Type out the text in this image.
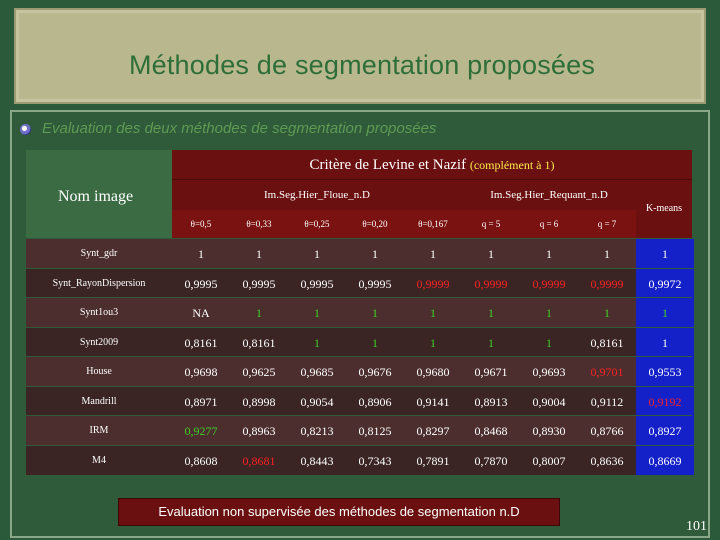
Méthodes de segmentation proposées
Evaluation des deux méthodes de segmentation proposées
Nom image
Critère de Levine et Nazif (complément à 1)
Im.Seg.Hier_Floue_n.D	Im.Seg.Hier_Requant_n.D
K-means
θ=0,5	θ=0,33	θ=0,25	θ=0,20	θ=0,167	q = 5	q = 6	q = 7
Synt_gdr	1	1	1	1	1	1	1	1	1
Synt_RayonDispersion	0,9995	0,9995	0,9995	0,9995	0,9999	0,9999	0,9999	0,9999	0,9972
Synt1ou3	NA	1	1	1	1	1	1	1	1
Synt2009	0,8161	0,8161	1	1	1	1	1	0,8161	1
House	0,9698	0,9625	0,9685	0,9676	0,9680	0,9671	0,9693	0,9701	0,9553
Mandrill	0,8971	0,8998	0,9054	0,8906	0,9141	0,8913	0,9004	0,9112	0,9192
IRM	0,9277	0,8963	0,8213	0,8125	0,8297	0,8468	0,8930	0,8766	0,8927
M4	0,8608	0,8681	0,8443	0,7343	0,7891	0,7870	0,8007	0,8636	0,8669
Evaluation non supervisée des méthodes de segmentation n.D
101
